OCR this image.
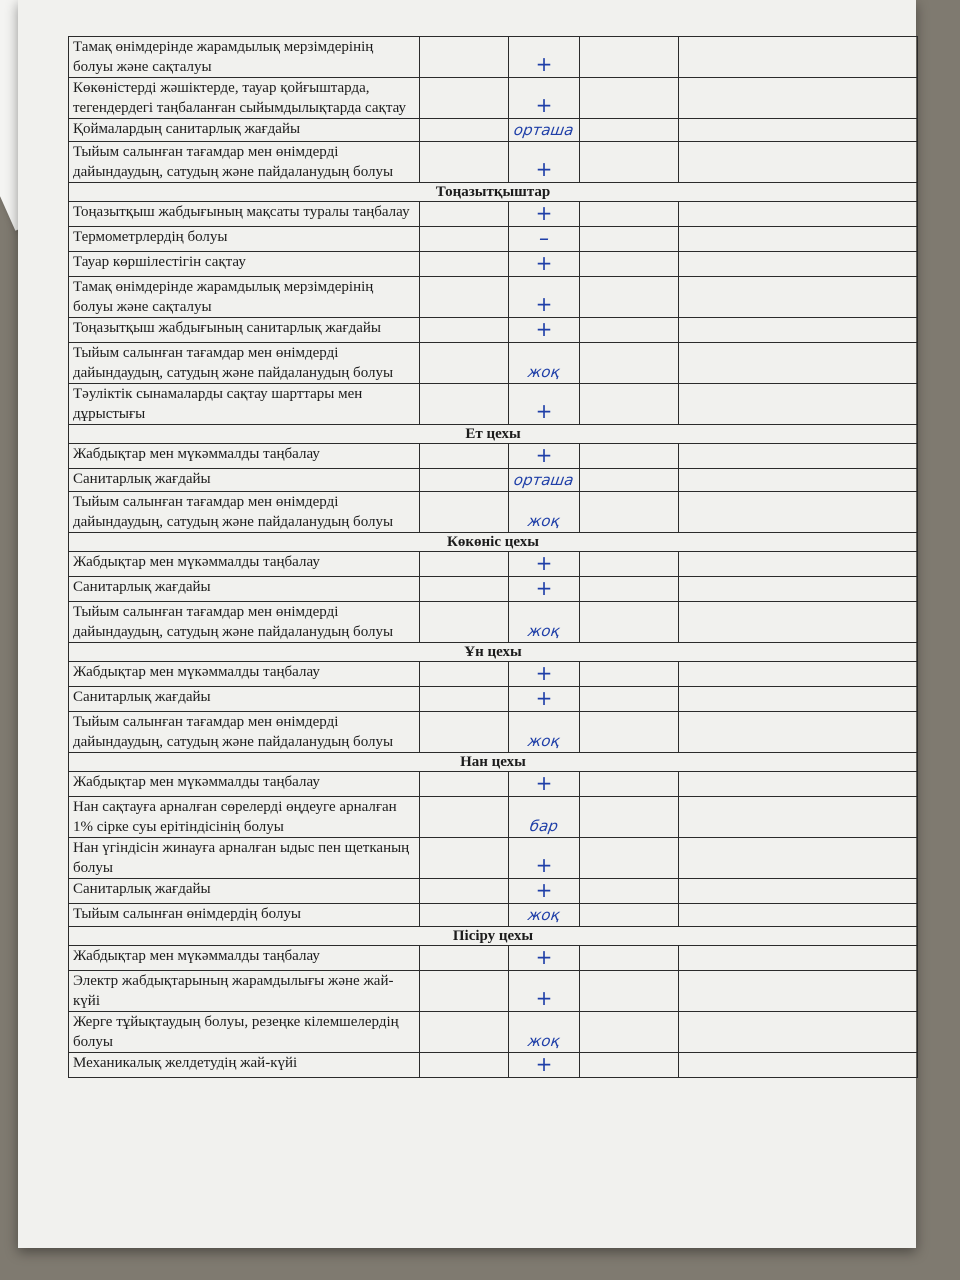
Тамақ өнімдерінде жарамдылық мерзімдерінің болуы және сақталуы		+		
Көкөністерді жәшіктерде, тауар қойғыштарда, тегендердегі таңбаланған сыйымдылықтарда сақтау		+		
Қоймалардың санитарлық жағдайы		орташа		
Тыйым салынған тағамдар мен өнімдерді дайындаудың, сатудың және пайдаланудың болуы		+		
Тоңазытқыштар				
Тоңазытқыш жабдығының мақсаты туралы таңбалау		+		
Термометрлердің болуы		–		
Тауар көршілестігін сақтау		+		
Тамақ өнімдерінде жарамдылық мерзімдерінің болуы және сақталуы		+		
Тоңазытқыш жабдығының санитарлық жағдайы		+		
Тыйым салынған тағамдар мен өнімдерді дайындаудың, сатудың және пайдаланудың болуы		жоқ		
Тәуліктік сынамаларды сақтау шарттары мен дұрыстығы		+		
Ет цехы				
Жабдықтар мен мүкәммалды таңбалау		+		
Санитарлық жағдайы		орташа		
Тыйым салынған тағамдар мен өнімдерді дайындаудың, сатудың және пайдаланудың болуы		жоқ		
Көкөніс цехы				
Жабдықтар мен мүкәммалды таңбалау		+		
Санитарлық жағдайы		+		
Тыйым салынған тағамдар мен өнімдерді дайындаудың, сатудың және пайдаланудың болуы		жоқ		
Ұн цехы				
Жабдықтар мен мүкәммалды таңбалау		+		
Санитарлық жағдайы		+		
Тыйым салынған тағамдар мен өнімдерді дайындаудың, сатудың және пайдаланудың болуы		жоқ		
Нан цехы				
Жабдықтар мен мүкәммалды таңбалау		+		
Нан сақтауға арналған сөрелерді өңдеуге арналған 1% сірке суы ерітіндісінің болуы		бар		
Нан үгіндісін жинауға арналған ыдыс пен щетканың болуы		+		
Санитарлық жағдайы		+		
Тыйым салынған өнімдердің болуы		жоқ		
Пісіру цехы				
Жабдықтар мен мүкәммалды таңбалау		+		
Электр жабдықтарының жарамдылығы және жай-күйі		+		
Жерге тұйықтаудың болуы, резеңке кілемшелердің болуы		жоқ		
Механикалық желдетудің жай-күйі		+		
